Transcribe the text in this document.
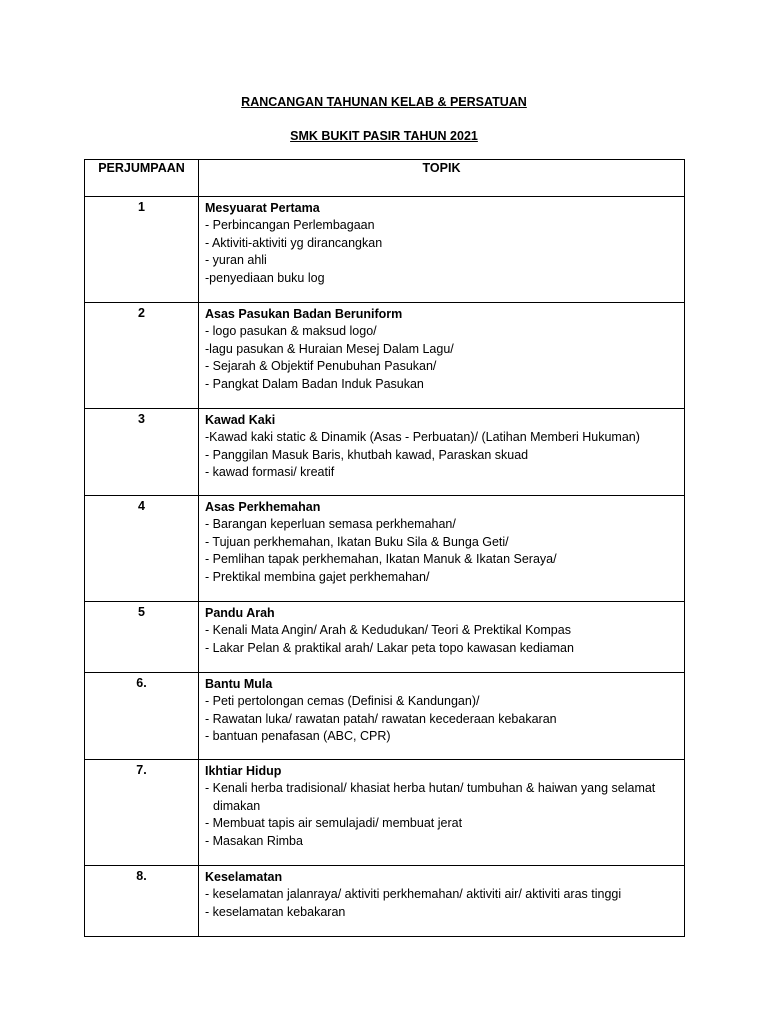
RANCANGAN TAHUNAN KELAB & PERSATUAN
SMK BUKIT PASIR TAHUN 2021
PERJUMPAAN	TOPIK
1	Mesyuarat Pertama
- Perbincangan Perlembagaan
- Aktiviti-aktiviti yg dirancangkan
- yuran ahli
-penyediaan buku log

2	Asas Pasukan Badan Beruniform
- logo pasukan & maksud logo/
-lagu pasukan & Huraian Mesej Dalam Lagu/
- Sejarah & Objektif Penubuhan Pasukan/
- Pangkat Dalam Badan Induk Pasukan

3	Kawad Kaki
-Kawad kaki static & Dinamik (Asas - Perbuatan)/ (Latihan Memberi Hukuman)
- Panggilan Masuk Baris, khutbah kawad, Paraskan skuad
- kawad formasi/ kreatif

4	Asas Perkhemahan
- Barangan keperluan semasa perkhemahan/
- Tujuan perkhemahan, Ikatan Buku Sila & Bunga Geti/
- Pemlihan tapak perkhemahan, Ikatan Manuk & Ikatan Seraya/
- Prektikal membina gajet perkhemahan/

5	Pandu Arah
- Kenali Mata Angin/ Arah & Kedudukan/ Teori & Prektikal Kompas
- Lakar Pelan & praktikal arah/ Lakar peta topo kawasan kediaman

6.	Bantu Mula
- Peti pertolongan cemas (Definisi & Kandungan)/
- Rawatan luka/ rawatan patah/ rawatan kecederaan kebakaran
- bantuan penafasan (ABC, CPR)

7.	Ikhtiar Hidup
- Kenali herba tradisional/ khasiat herba hutan/ tumbuhan & haiwan yang selamat dimakan
- Membuat tapis air semulajadi/ membuat jerat
- Masakan Rimba

8.	Keselamatan
- keselamatan jalanraya/ aktiviti perkhemahan/ aktiviti air/ aktiviti aras tinggi
- keselamatan kebakaran
